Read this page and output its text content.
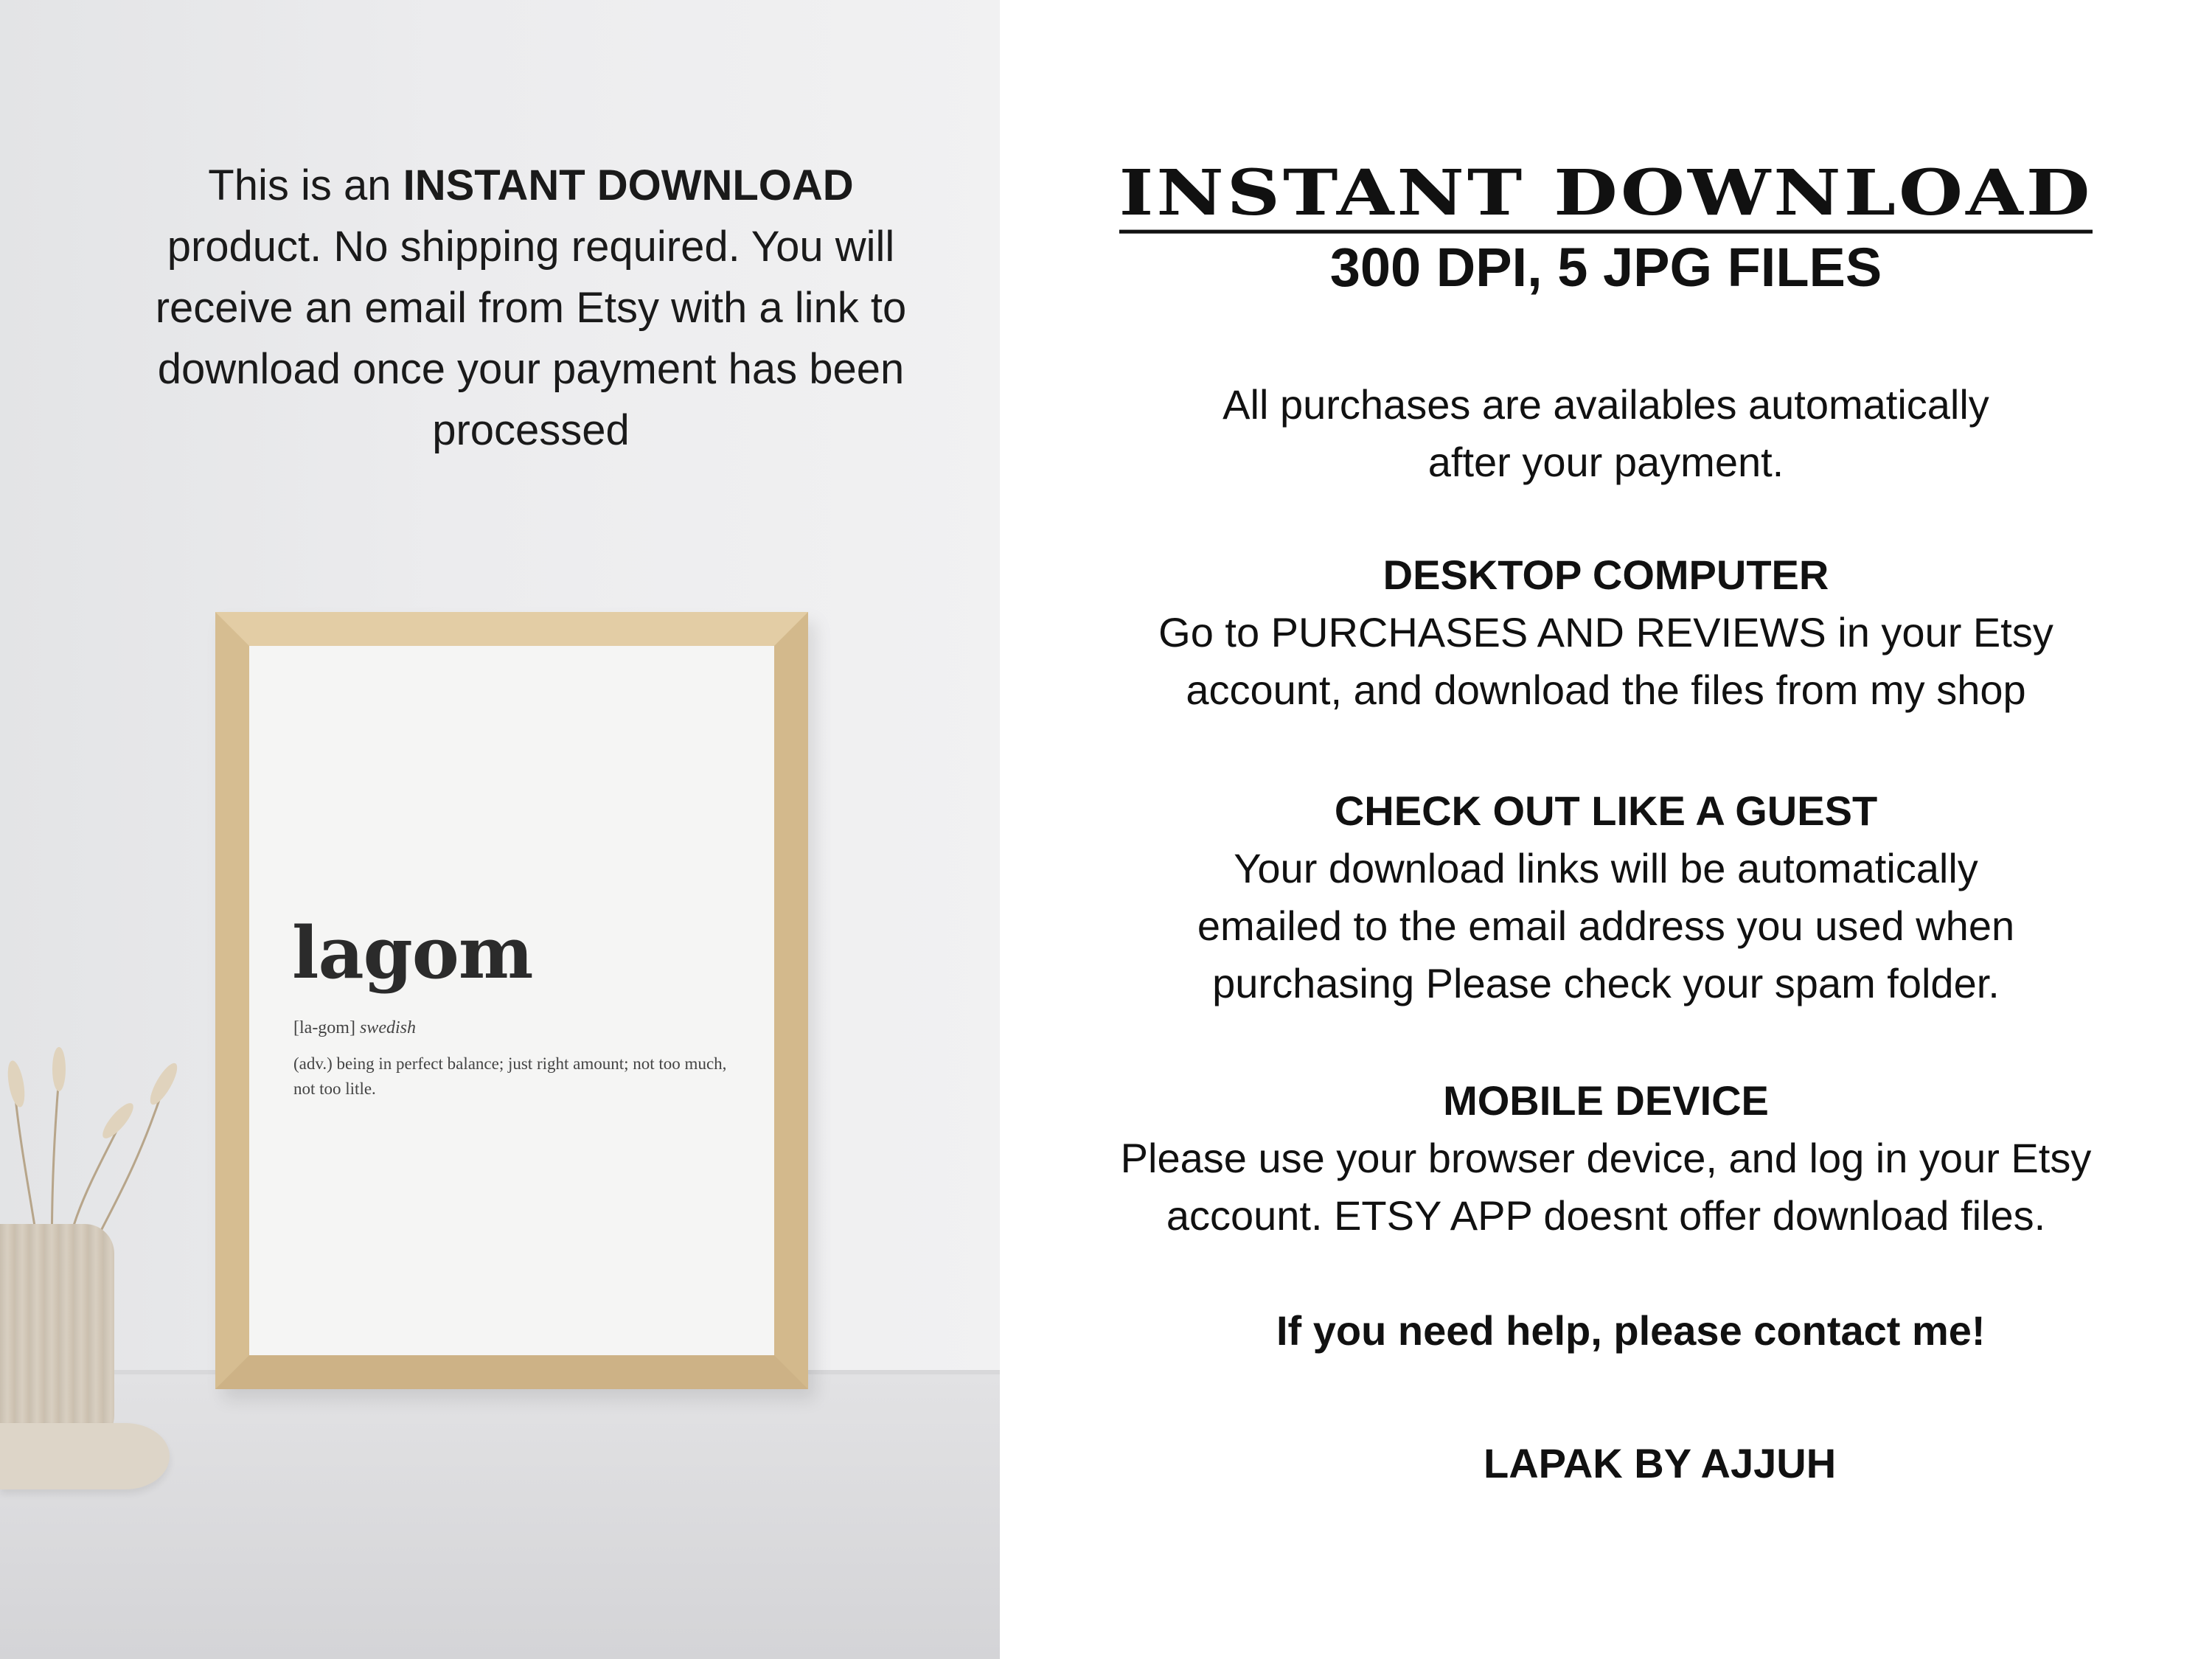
This is an INSTANT DOWNLOAD product. No shipping required. You will receive an email from Etsy with a link to download once your payment has been processed
lagom
[la-gom] swedish
(adv.) being in perfect balance; just right amount; not too much, not too litle.
INSTANT DOWNLOAD
300 DPI, 5 JPG FILES
All purchases are availables automatically
after your payment.
DESKTOP COMPUTER
Go to PURCHASES AND REVIEWS in your Etsy
account, and download the files from my shop
CHECK OUT LIKE A GUEST
Your download links will be automatically
emailed to the email address you used when
purchasing Please check your spam folder.
MOBILE DEVICE
Please use your browser device, and log in your Etsy
account. ETSY APP doesnt offer download files.
If you need help, please contact me!
LAPAK BY AJJUH
